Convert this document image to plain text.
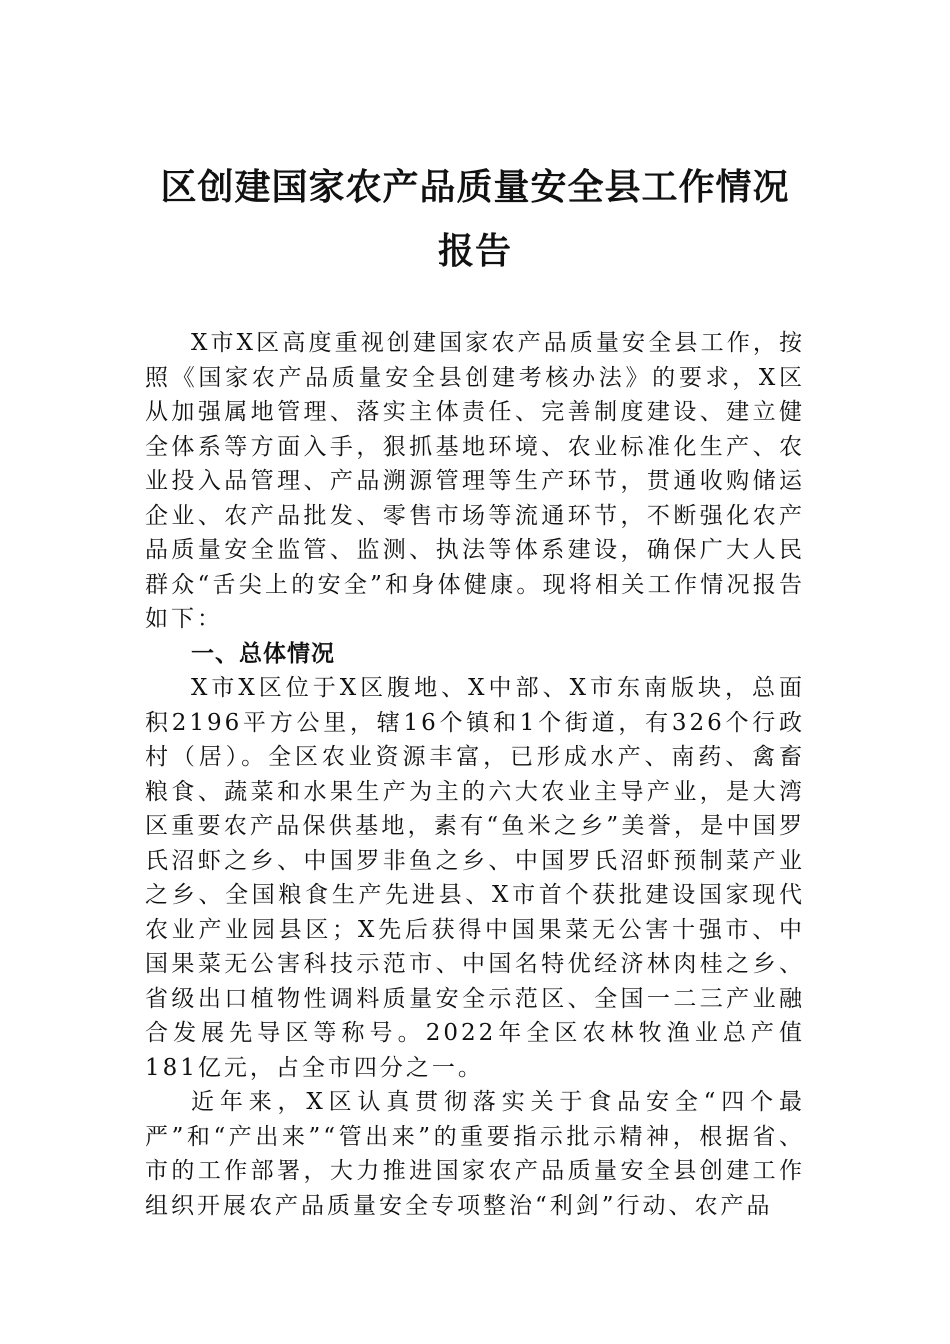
区创建国家农产品质量安全县工作情况报告

X市X区高度重视创建国家农产品质量安全县工作，按照《国家农产品质量安全县创建考核办法》的要求，X区从加强属地管理、落实主体责任、完善制度建设、建立健全体系等方面入手，狠抓基地环境、农业标准化生产、农业投入品管理、产品溯源管理等生产环节，贯通收购储运企业、农产品批发、零售市场等流通环节，不断强化农产品质量安全监管、监测、执法等体系建设，确保广大人民群众“舌尖上的安全”和身体健康。现将相关工作情况报告如下：

一、总体情况

X市X区位于X区腹地、X中部、X市东南版块，总面积2196平方公里，辖16个镇和1个街道，有326个行政村（居）。全区农业资源丰富，已形成水产、南药、禽畜粮食、蔬菜和水果生产为主的六大农业主导产业，是大湾区重要农产品保供基地，素有“鱼米之乡”美誉，是中国罗氏沼虾之乡、中国罗非鱼之乡、中国罗氏沼虾预制菜产业之乡、全国粮食生产先进县、X市首个获批建设国家现代农业产业园县区；X先后获得中国果菜无公害十强市、中国果菜无公害科技示范市、中国名特优经济林肉桂之乡、省级出口植物性调料质量安全示范区、全国一二三产业融合发展先导区等称号。2022年全区农林牧渔业总产值181亿元，占全市四分之一。

近年来，X区认真贯彻落实关于食品安全“四个最严”和“产出来”“管出来”的重要指示批示精神，根据省、市的工作部署，大力推进国家农产品质量安全县创建工作组织开展农产品质量安全专项整治“利剑”行动、农产品
